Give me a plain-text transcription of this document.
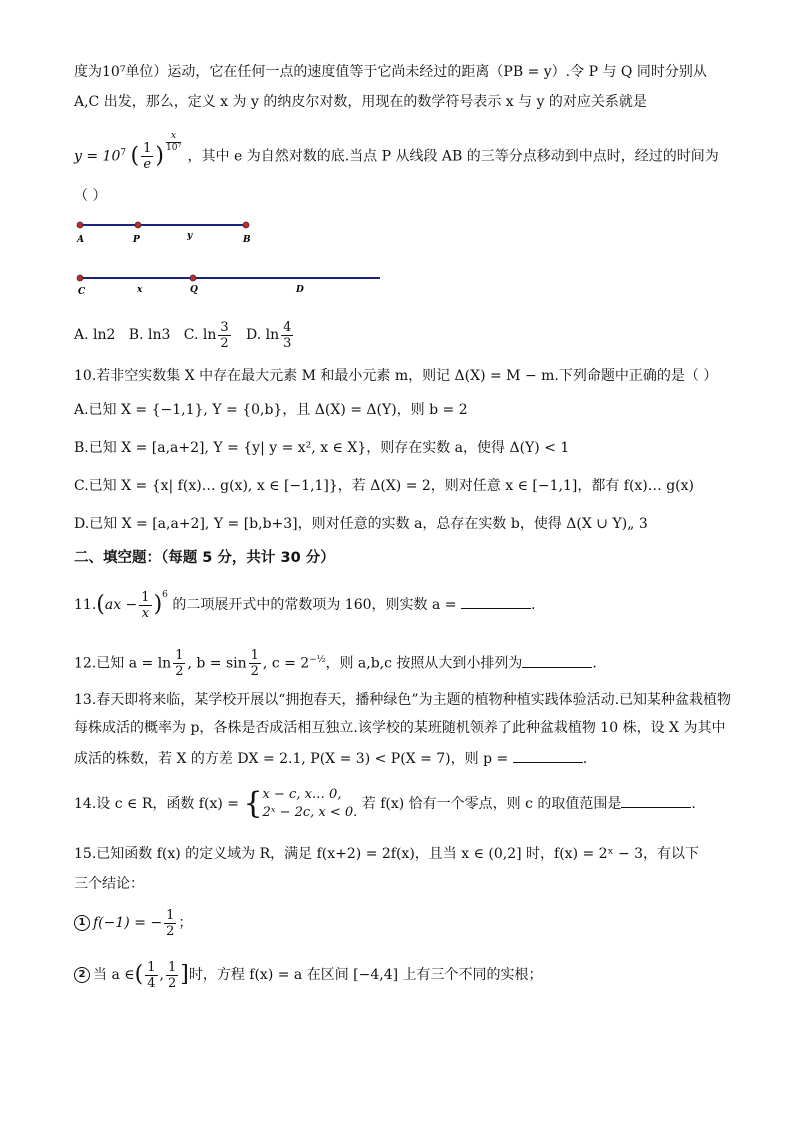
度为10⁷单位）运动，它在任何一点的速度值等于它尚未经过的距离（PB = y）.令 P 与 Q 同时分别从
A,C 出发，那么，定义 x 为 y 的纳皮尔对数，用现在的数学符号表示 x 与 y 的对应关系就是
$y = 10^7$ ( $\frac{1}{e}$ )
$\frac{x}{\text{10⁷}}$
，其中 e 为自然对数的底.当点 P 从线段 AB 的三等分点移动到中点时，经过的时间为
（ ）
A	P	y	B
C	x	Q	D
A. ln2 B. ln3 C. $\ln \frac{3}{2} D$. $\ln \frac{4}{3}$
10.若非空实数集 X 中存在最大元素 M 和最小元素 m，则记 Δ(X) = M − m.下列命题中正确的是（ ）
A.已知 X = {−1,1}, Y = {0,b}，且 Δ(X) = Δ(Y)，则 b = 2
B.已知 X = [a,a+2], Y = {y| y = x², x ∈ X}，则存在实数 a，使得 Δ(Y) < 1
C.已知 X = {x| f(x)… g(x), x ∈ [−1,1]}，若 Δ(X) = 2，则对任意 x ∈ [−1,1]，都有 f(x)… g(x)
D.已知 X = [a,a+2], Y = [b,b+3]，则对任意的实数 a，总存在实数 b，使得 Δ(X ∪ Y)„ 3
二、填空题：（每题 5 分，共计 30 分）
$11.(ax - \frac{1}{x} )^6$ 的二项展开式中的常数项为 160，则实数 a =	.
12.已知 $a = \ln \frac{1}{2}$ , $b = \sin \frac{1}{2}$ , $c = 2^{-\frac{1}{2}}$，则 a,b,c 按照从大到小排列为	.
13.春天即将来临，某学校开展以“拥抱春天，播种绿色”为主题的植物种植实践体验活动.已知某种盆栽植物
每株成活的概率为 p，各株是否成活相互独立.该学校的某班随机领养了此种盆栽植物 10 株，设 X 为其中
成活的株数，若 X 的方差 DX = 2.1, P(X = 3) < P(X = 7)，则 p =	.
14.设 c ∈ R，函数 f(x) = { x − c, x… 0,
2ˣ − 2c, x < 0.
若 f(x) 恰有一个零点，则 c 的取值范围是	.
15.已知函数 f(x) 的定义域为 R，满足 f(x+2) = 2f(x)，且当 x ∈ (0,2] 时，f(x) = 2ˣ − 3，有以下
三个结论：
1 f(−1) = − $\frac{1}{2}$ ；
2 当 a ∈( $\frac{1}{4}$ , $\frac{1}{2}$ ]时，方程 f(x) = a 在区间 [−4,4] 上有三个不同的实根；
